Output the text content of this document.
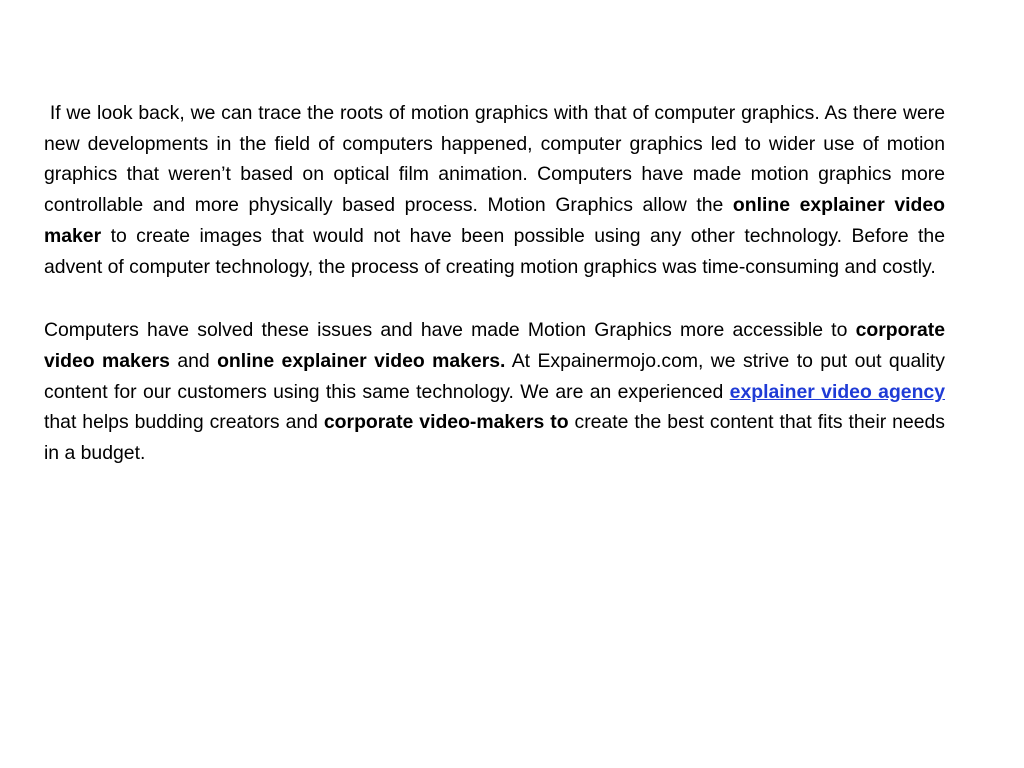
If we look back, we can trace the roots of motion graphics with that of computer graphics. As there were new developments in the field of computers happened, computer graphics led to wider use of motion graphics that weren’t based on optical film animation. Computers have made motion graphics more controllable and more physically based process. Motion Graphics allow the online explainer video maker to create images that would not have been possible using any other technology. Before the advent of computer technology, the process of creating motion graphics was time-consuming and costly.

Computers have solved these issues and have made Motion Graphics more accessible to corporate video makers and online explainer video makers. At Expainermojo.com, we strive to put out quality content for our customers using this same technology. We are an experienced explainer video agency that helps budding creators and corporate video-makers to create the best content that fits their needs in a budget.
